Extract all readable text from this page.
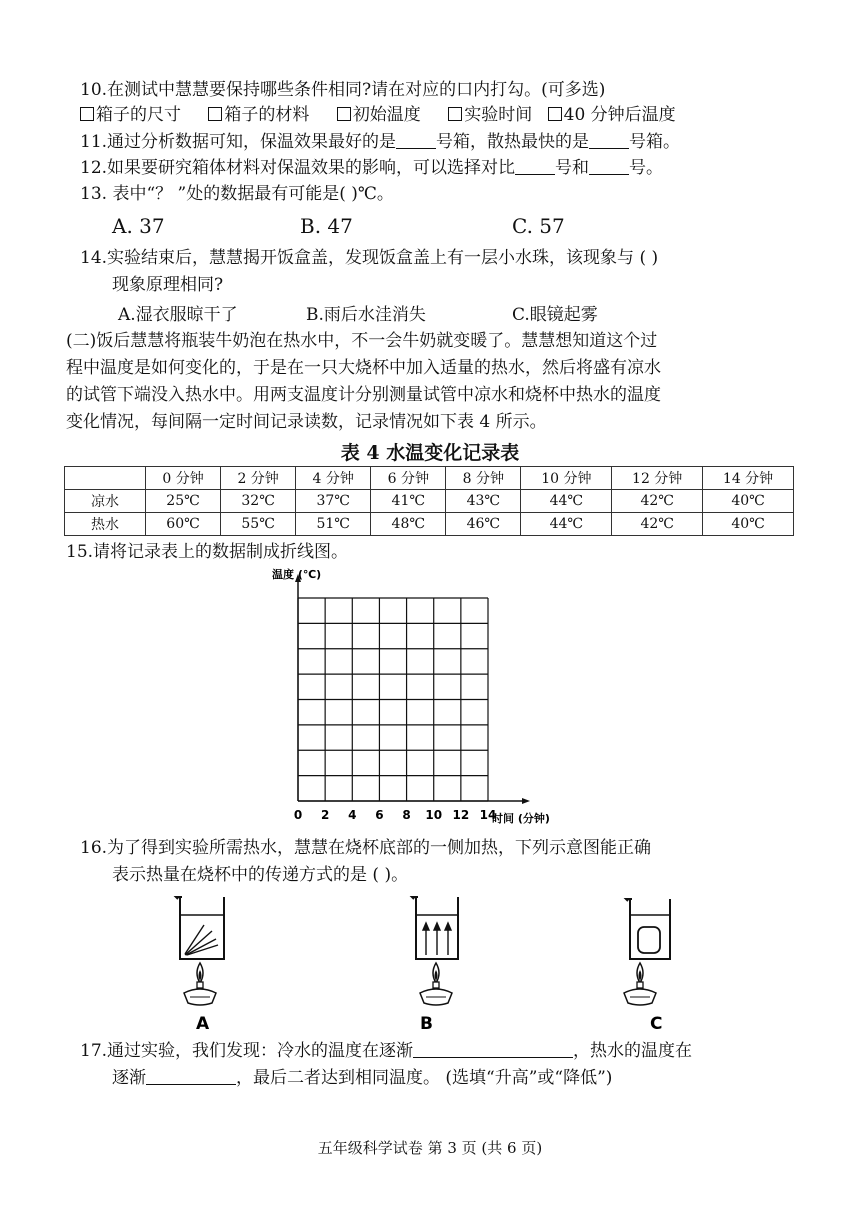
10.在测试中慧慧要保持哪些条件相同?请在对应的口内打勾。(可多选)
箱子的尺寸	箱子的材料	初始温度	实验时间 40 分钟后温度
11.通过分析数据可知，保温效果最好的是 号箱，散热最快的是 号箱。
12.如果要研究箱体材料对保温效果的影响，可以选择对比 号和 号。
13. 表中“？ ”处的数据最有可能是( )℃。
A. 37	B. 47	C. 57
14.实验结束后，慧慧揭开饭盒盖，发现饭盒盖上有一层小水珠，该现象与 ( )
现象原理相同?
A.湿衣服晾干了	B.雨后水洼消失	C.眼镜起雾
(二)饭后慧慧将瓶装牛奶泡在热水中，不一会牛奶就变暖了。慧慧想知道这个过
程中温度是如何变化的，于是在一只大烧杯中加入适量的热水，然后将盛有凉水
的试管下端没入热水中。用两支温度计分别测量试管中凉水和烧杯中热水的温度
变化情况，每间隔一定时间记录读数，记录情况如下表 4 所示。
表 4 水温变化记录表
	0 分钟	2 分钟	4 分钟	6 分钟	8 分钟	10 分钟	12 分钟	14 分钟
凉水	25℃	32℃	37℃	41℃	43℃	44℃	42℃	40℃
热水	60℃	55℃	51℃	48℃	46℃	44℃	42℃	40℃
15.请将记录表上的数据制成折线图。
温度 (℃)
时间 (分钟)
0 2 4 6 8 10 12 14
16.为了得到实验所需热水，慧慧在烧杯底部的一侧加热，下列示意图能正确
表示热量在烧杯中的传递方式的是 ( )。
A	B	C
17.通过实验，我们发现：冷水的温度在逐渐	，热水的温度在
逐渐	，最后二者达到相同温度。 (选填“升高”或“降低”)
五年级科学试卷 第 3 页 (共 6 页)
